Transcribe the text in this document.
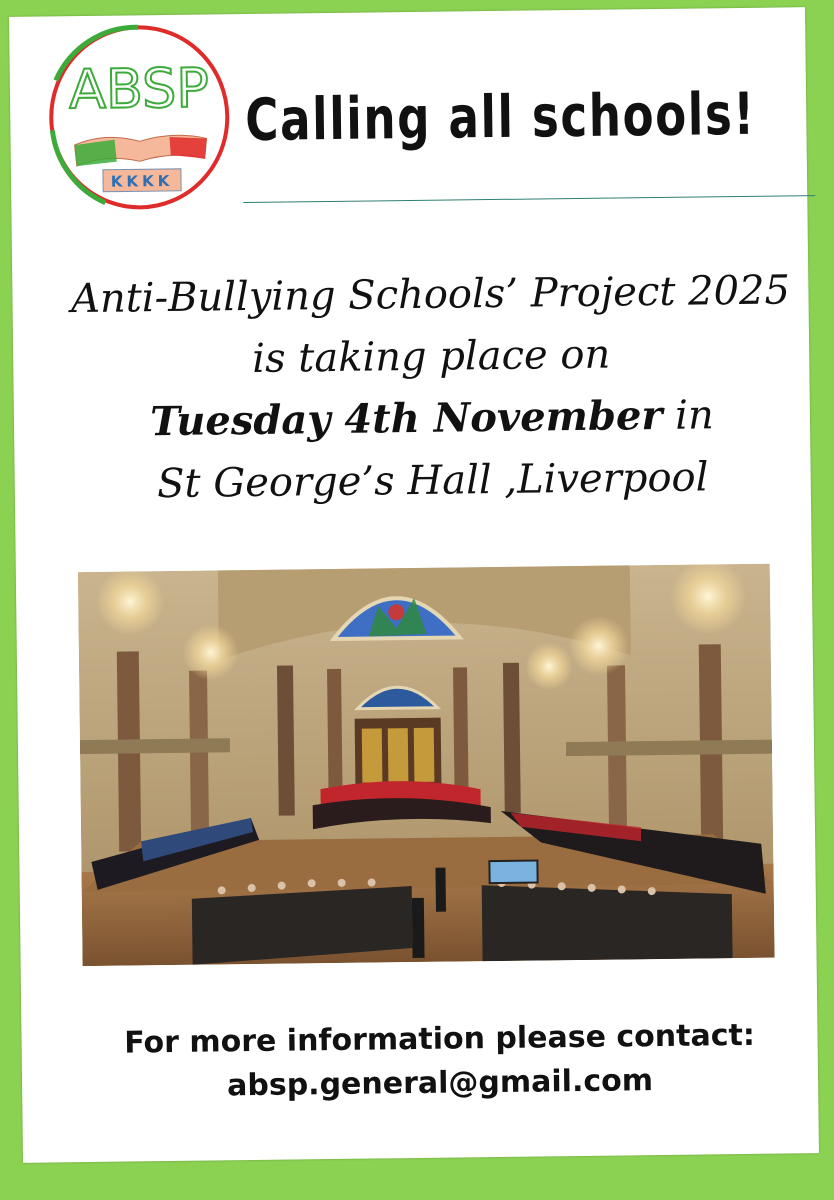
ABSP
KKKK
Calling all schools!
Anti-Bullying Schools’ Project 2025
is taking place on
Tuesday 4th November in
St George’s Hall ,Liverpool
For more information please contact:
absp.general@gmail.com
